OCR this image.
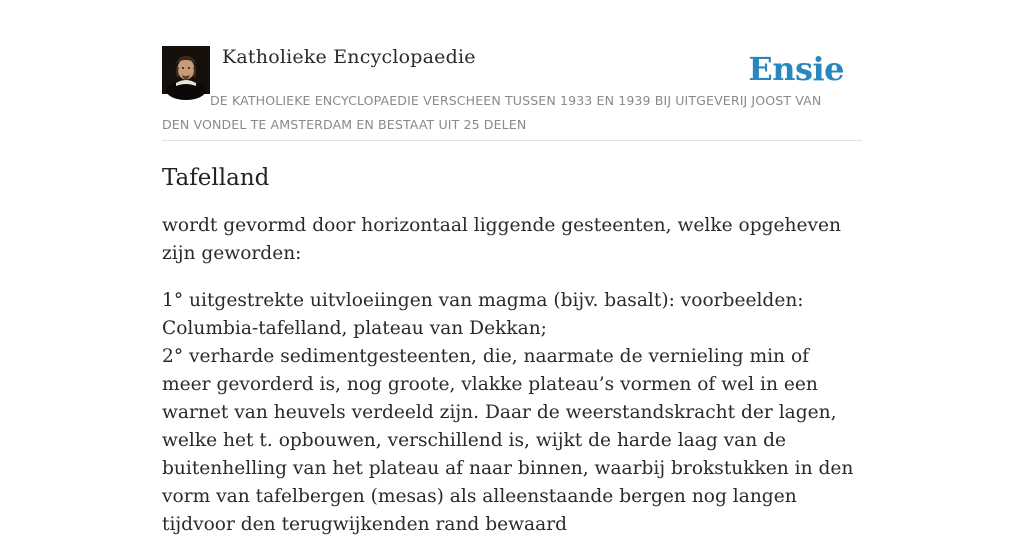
Katholieke Encyclopaedie	Ensie
DE KATHOLIEKE ENCYCLOPAEDIE VERSCHEEN TUSSEN 1933 EN 1939 BIJ UITGEVERIJ JOOST VAN DEN VONDEL TE AMSTERDAM EN BESTAAT UIT 25 DELEN
Tafelland

wordt gevormd door horizontaal liggende gesteenten, welke opgeheven zijn geworden:

1° uitgestrekte uitvloeiingen van magma (bijv. basalt): voorbeelden: Columbia-tafelland, plateau van Dekkan;
2° verharde sedimentgesteenten, die, naarmate de vernieling min of meer gevorderd is, nog groote, vlakke plateau’s vormen of wel in een warnet van heuvels verdeeld zijn. Daar de weerstandskracht der lagen, welke het t. opbouwen, verschillend is, wijkt de harde laag van de buitenhelling van het plateau af naar binnen, waarbij brokstukken in den vorm van tafelbergen (mesas) als alleenstaande bergen nog langen tijdvoor den terugwijkenden rand bewaard
